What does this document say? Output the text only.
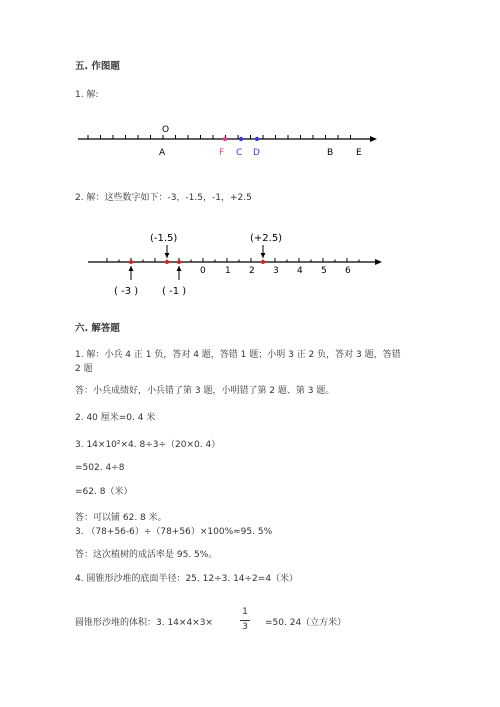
五. 作图题
1. 解:
O
A	F C D	B	E
2. 解：这些数字如下：-3，-1.5，-1，+2.5
(-1.5)	(+2.5)
( -3 ) ( -1 )
0 1 2 3 4 5 6
六. 解答题
1. 解：小兵 4 正 1 负，答对 4 题，答错 1 题；小明 3 正 2 负，答对 3 题，答错
2 题
答：小兵成绩好，小兵错了第 3 题，小明错了第 2 题、第 3 题。
2. 40 厘米=0. 4 米
3. 14×10²×4. 8÷3÷（20×0. 4）
=502. 4÷8
=62. 8（米）
答：可以铺 62. 8 米。
3. （78+56-6）÷（78+56）×100%≈95. 5%
答：这次植树的成活率是 95. 5%。
4. 圆锥形沙堆的底面半径：25. 12÷3. 14÷2=4（米）
圆锥形沙堆的体积：3. 14×4×3×
1
3	=50. 24（立方米）
